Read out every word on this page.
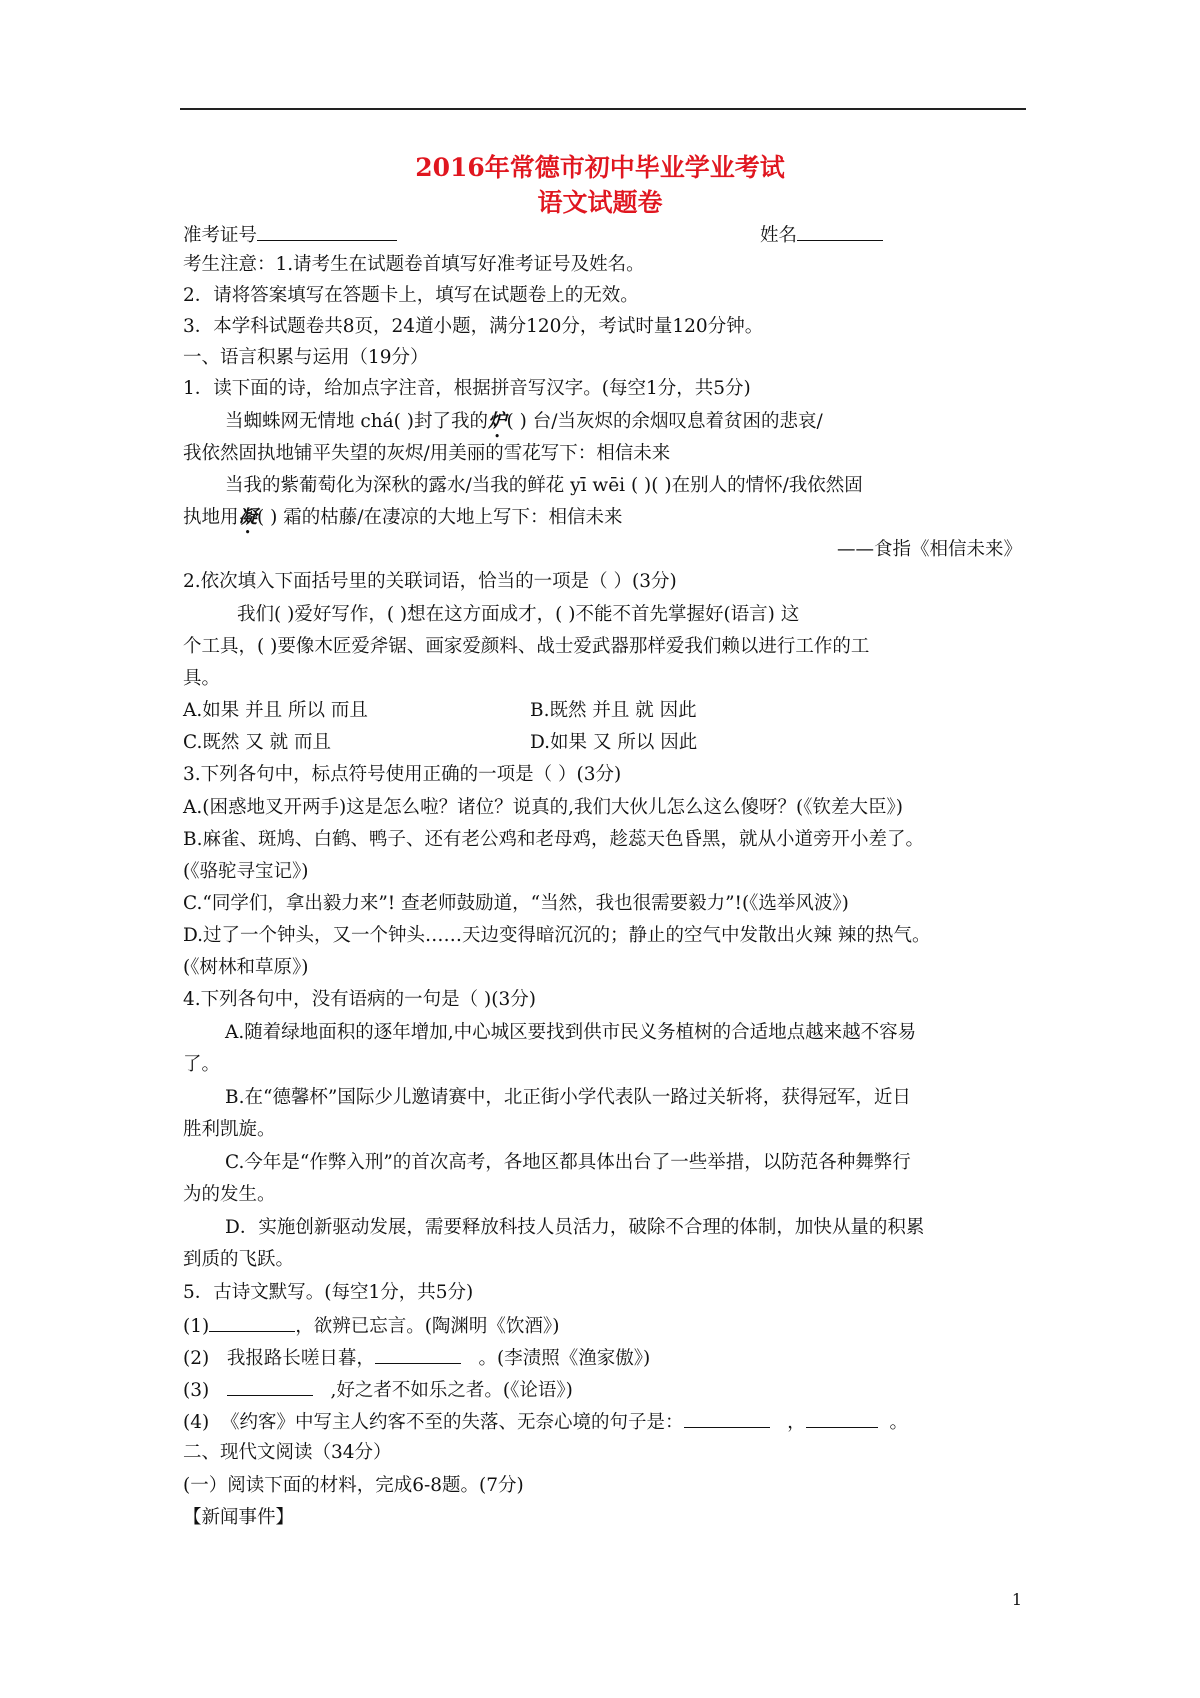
2016年常德市初中毕业学业考试
语文试题卷
准考证号	姓名
考生注意：1.请考生在试题卷首填写好准考证号及姓名。
2．请将答案填写在答题卡上，填写在试题卷上的无效。
3．本学科试题卷共8页，24道小题，满分120分，考试时量120分钟。
一、语言积累与运用（19分）
1．读下面的诗，给加点字注音，根据拼音写汉字。(每空1分，共5分)
当蜘蛛网无情地 chá( )封了我的炉( ) 台/当灰烬的余烟叹息着贫困的悲哀/
我依然固执地铺平失望的灰烬/用美丽的雪花写下：相信未来
当我的紫葡萄化为深秋的露水/当我的鲜花 yī wēi ( )( )在别人的情怀/我依然固
执地用凝( ) 霜的枯藤/在凄凉的大地上写下：相信未来
——食指《相信未来》
2.依次填入下面括号里的关联词语，恰当的一项是（ ）(3分)
我们( )爱好写作，( )想在这方面成才，( )不能不首先掌握好(语言) 这
个工具，( )要像木匠爱斧锯、画家爱颜料、战士爱武器那样爱我们赖以进行工作的工
具。
A.如果 并且 所以 而且	B.既然 并且 就 因此
C.既然 又 就 而且	D.如果 又 所以 因此
3.下列各句中，标点符号使用正确的一项是（ ）(3分)
A.(困惑地叉开两手)这是怎么啦？诸位？说真的,我们大伙儿怎么这么傻呀？(《钦差大臣》)
B.麻雀、斑鸠、白鹤、鸭子、还有老公鸡和老母鸡，趁蕊天色昏黑，就从小道旁开小差了。
(《骆驼寻宝记》)
C.“同学们，拿出毅力来”! 查老师鼓励道，“当然，我也很需要毅力”!(《选举风波》)
D.过了一个钟头，又一个钟头……天边变得暗沉沉的；静止的空气中发散出火辣 辣的热气。
(《树林和草原》)
4.下列各句中，没有语病的一句是（ )(3分)
A.随着绿地面积的逐年增加,中心城区要找到供市民义务植树的合适地点越来越不容易
了。
B.在“德馨杯”国际少儿邀请赛中，北正街小学代表队一路过关斩将，获得冠军，近日
胜利凯旋。
C.今年是“作弊入刑”的首次高考，各地区都具体出台了一些举措，以防范各种舞弊行
为的发生。
D．实施创新驱动发展，需要释放科技人员活力，破除不合理的体制，加快从量的积累
到质的飞跃。
5．古诗文默写。(每空1分，共5分)
(1)	，欲辨已忘言。(陶渊明《饮酒》)
(2) 我报路长嗟日暮，	。(李渍照《渔家傲》)
(3)	,好之者不如乐之者。(《论语》)
(4) 《约客》中写主人约客不至的失落、无奈心境的句子是：	，	。
二、现代文阅读（34分）
(一）阅读下面的材料，完成6-8题。(7分)
【新闻事件】
1
